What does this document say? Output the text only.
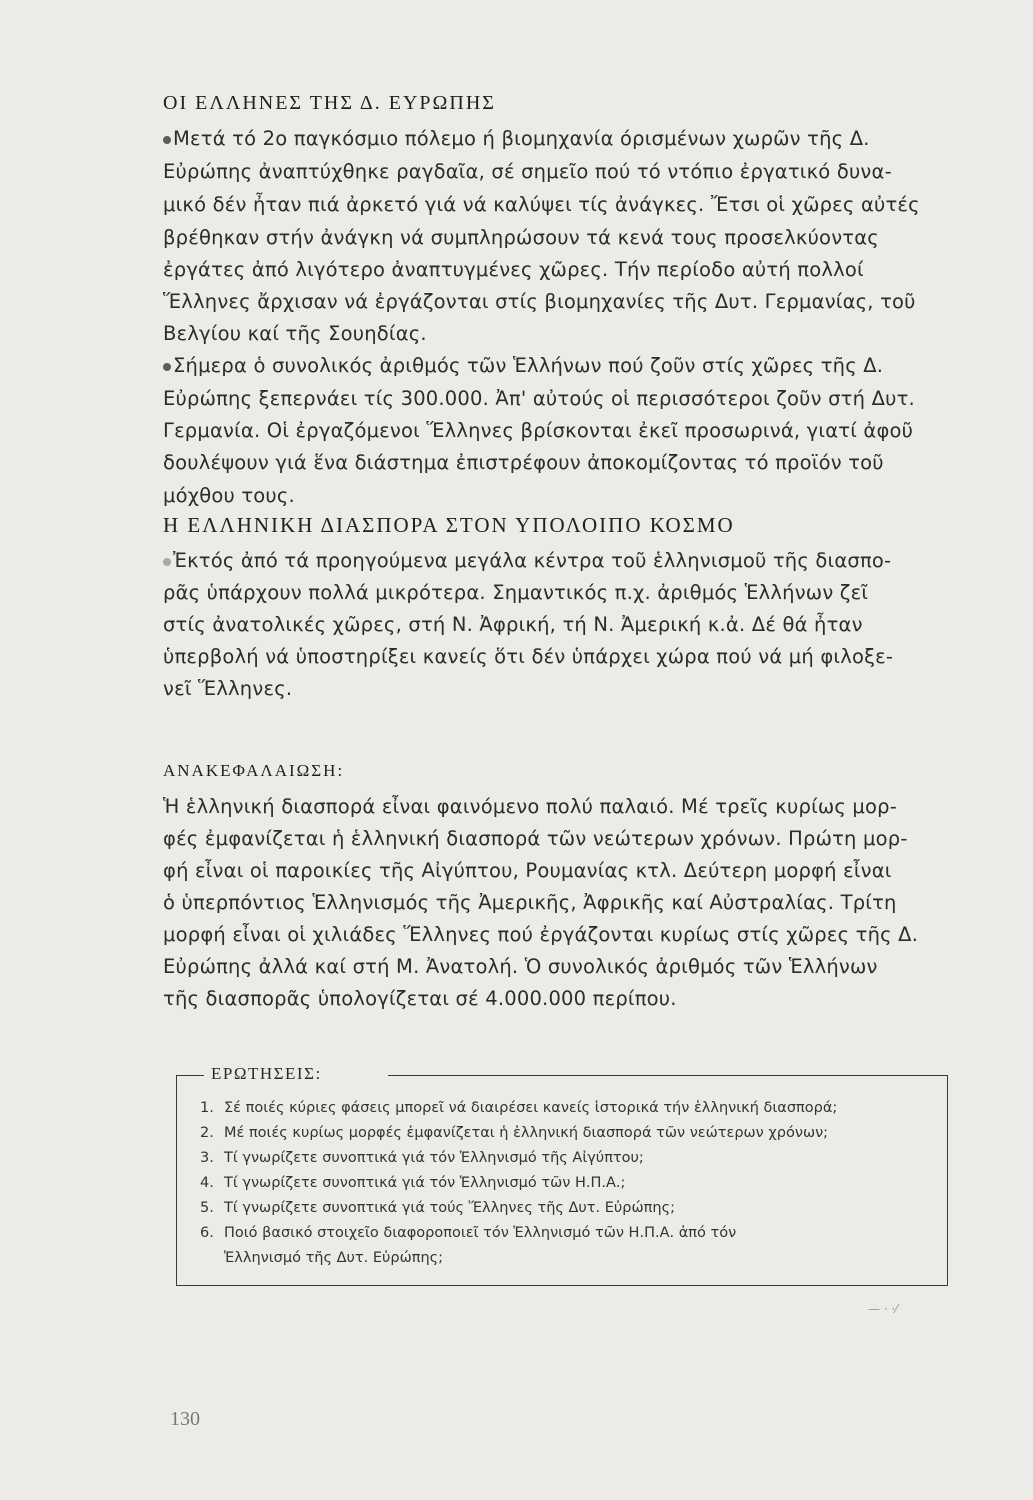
ΟΙ ΕΛΛΗΝΕΣ ΤΗΣ Δ. ΕΥΡΩΠΗΣ
Μετά τό 2ο παγκόσμιο πόλεμο ή βιομηχανία όρισμένων χωρῶν τῆς Δ.
Εὐρώπης ἀναπτύχθηκε ραγδαῖα, σέ σημεῖο πού τό ντόπιο ἐργατικό δυνα-
μικό δέν ἦταν πιά ἀρκετό γιά νά καλύψει τίς ἀνάγκες. Ἔτσι οἱ χῶρες αὐτές
βρέθηκαν στήν ἀνάγκη νά συμπληρώσουν τά κενά τους προσελκύοντας
ἐργάτες ἀπό λιγότερο ἀναπτυγμένες χῶρες. Τήν περίοδο αὐτή πολλοί
Ἕλληνες ἄρχισαν νά ἐργάζονται στίς βιομηχανίες τῆς Δυτ. Γερμανίας, τοῦ
Βελγίου καί τῆς Σουηδίας.
Σήμερα ὁ συνολικός ἀριθμός τῶν Ἑλλήνων πού ζοῦν στίς χῶρες τῆς Δ.
Εὐρώπης ξεπερνάει τίς 300.000. Ἀπ' αὐτούς οἱ περισσότεροι ζοῦν στή Δυτ.
Γερμανία. Οἱ ἐργαζόμενοι Ἕλληνες βρίσκονται ἐκεῖ προσωρινά, γιατί ἀφοῦ
δουλέψουν γιά ἕνα διάστημα ἐπιστρέφουν ἀποκομίζοντας τό προϊόν τοῦ
μόχθου τους.
Η ΕΛΛΗΝΙΚΗ ΔΙΑΣΠΟΡΑ ΣΤΟΝ ΥΠΟΛΟΙΠΟ ΚΟΣΜΟ
Ἐκτός ἀπό τά προηγούμενα μεγάλα κέντρα τοῦ ἑλληνισμοῦ τῆς διασπο-
ρᾶς ὑπάρχουν πολλά μικρότερα. Σημαντικός π.χ. ἀριθμός Ἑλλήνων ζεῖ
στίς ἀνατολικές χῶρες, στή Ν. Ἀφρική, τή Ν. Ἀμερική κ.ἀ. Δέ θά ἦταν
ὑπερβολή νά ὑποστηρίξει κανείς ὅτι δέν ὑπάρχει χώρα πού νά μή φιλοξε-
νεῖ Ἕλληνες.
ΑΝΑΚΕΦΑΛΑΙΩΣΗ:
Ἡ ἑλληνική διασπορά εἶναι φαινόμενο πολύ παλαιό. Μέ τρεῖς κυρίως μορ-
φές ἐμφανίζεται ἡ ἑλληνική διασπορά τῶν νεώτερων χρόνων. Πρώτη μορ-
φή εἶναι οἱ παροικίες τῆς Αἰγύπτου, Ρουμανίας κτλ. Δεύτερη μορφή εἶναι
ὁ ὑπερπόντιος Ἑλληνισμός τῆς Ἀμερικῆς, Ἀφρικῆς καί Αὐστραλίας. Τρίτη
μορφή εἶναι οἱ χιλιάδες Ἕλληνες πού ἐργάζονται κυρίως στίς χῶρες τῆς Δ.
Εὐρώπης ἀλλά καί στή Μ. Ἀνατολή. Ὁ συνολικός ἀριθμός τῶν Ἑλλήνων
τῆς διασπορᾶς ὑπολογίζεται σέ 4.000.000 περίπου.
ΕΡΩΤΗΣΕΙΣ:
1. Σέ ποιές κύριες φάσεις μπορεῖ νά διαιρέσει κανείς ἱστορικά τήν ἑλληνική διασπορά;
2. Μέ ποιές κυρίως μορφές ἐμφανίζεται ἡ ἑλληνική διασπορά τῶν νεώτερων χρόνων;
3. Τί γνωρίζετε συνοπτικά γιά τόν Ἑλληνισμό τῆς Αἰγύπτου;
4. Τί γνωρίζετε συνοπτικά γιά τόν Ἑλληνισμό τῶν Η.Π.Α.;
5. Τί γνωρίζετε συνοπτικά γιά τούς Ἕλληνες τῆς Δυτ. Εὐρώπης;
6. Ποιό βασικό στοιχεῖο διαφοροποιεῖ τόν Ἑλληνισμό τῶν Η.Π.Α. ἀπό τόν
Ἑλληνισμό τῆς Δυτ. Εὐρώπης;
— · ·⁄
130
